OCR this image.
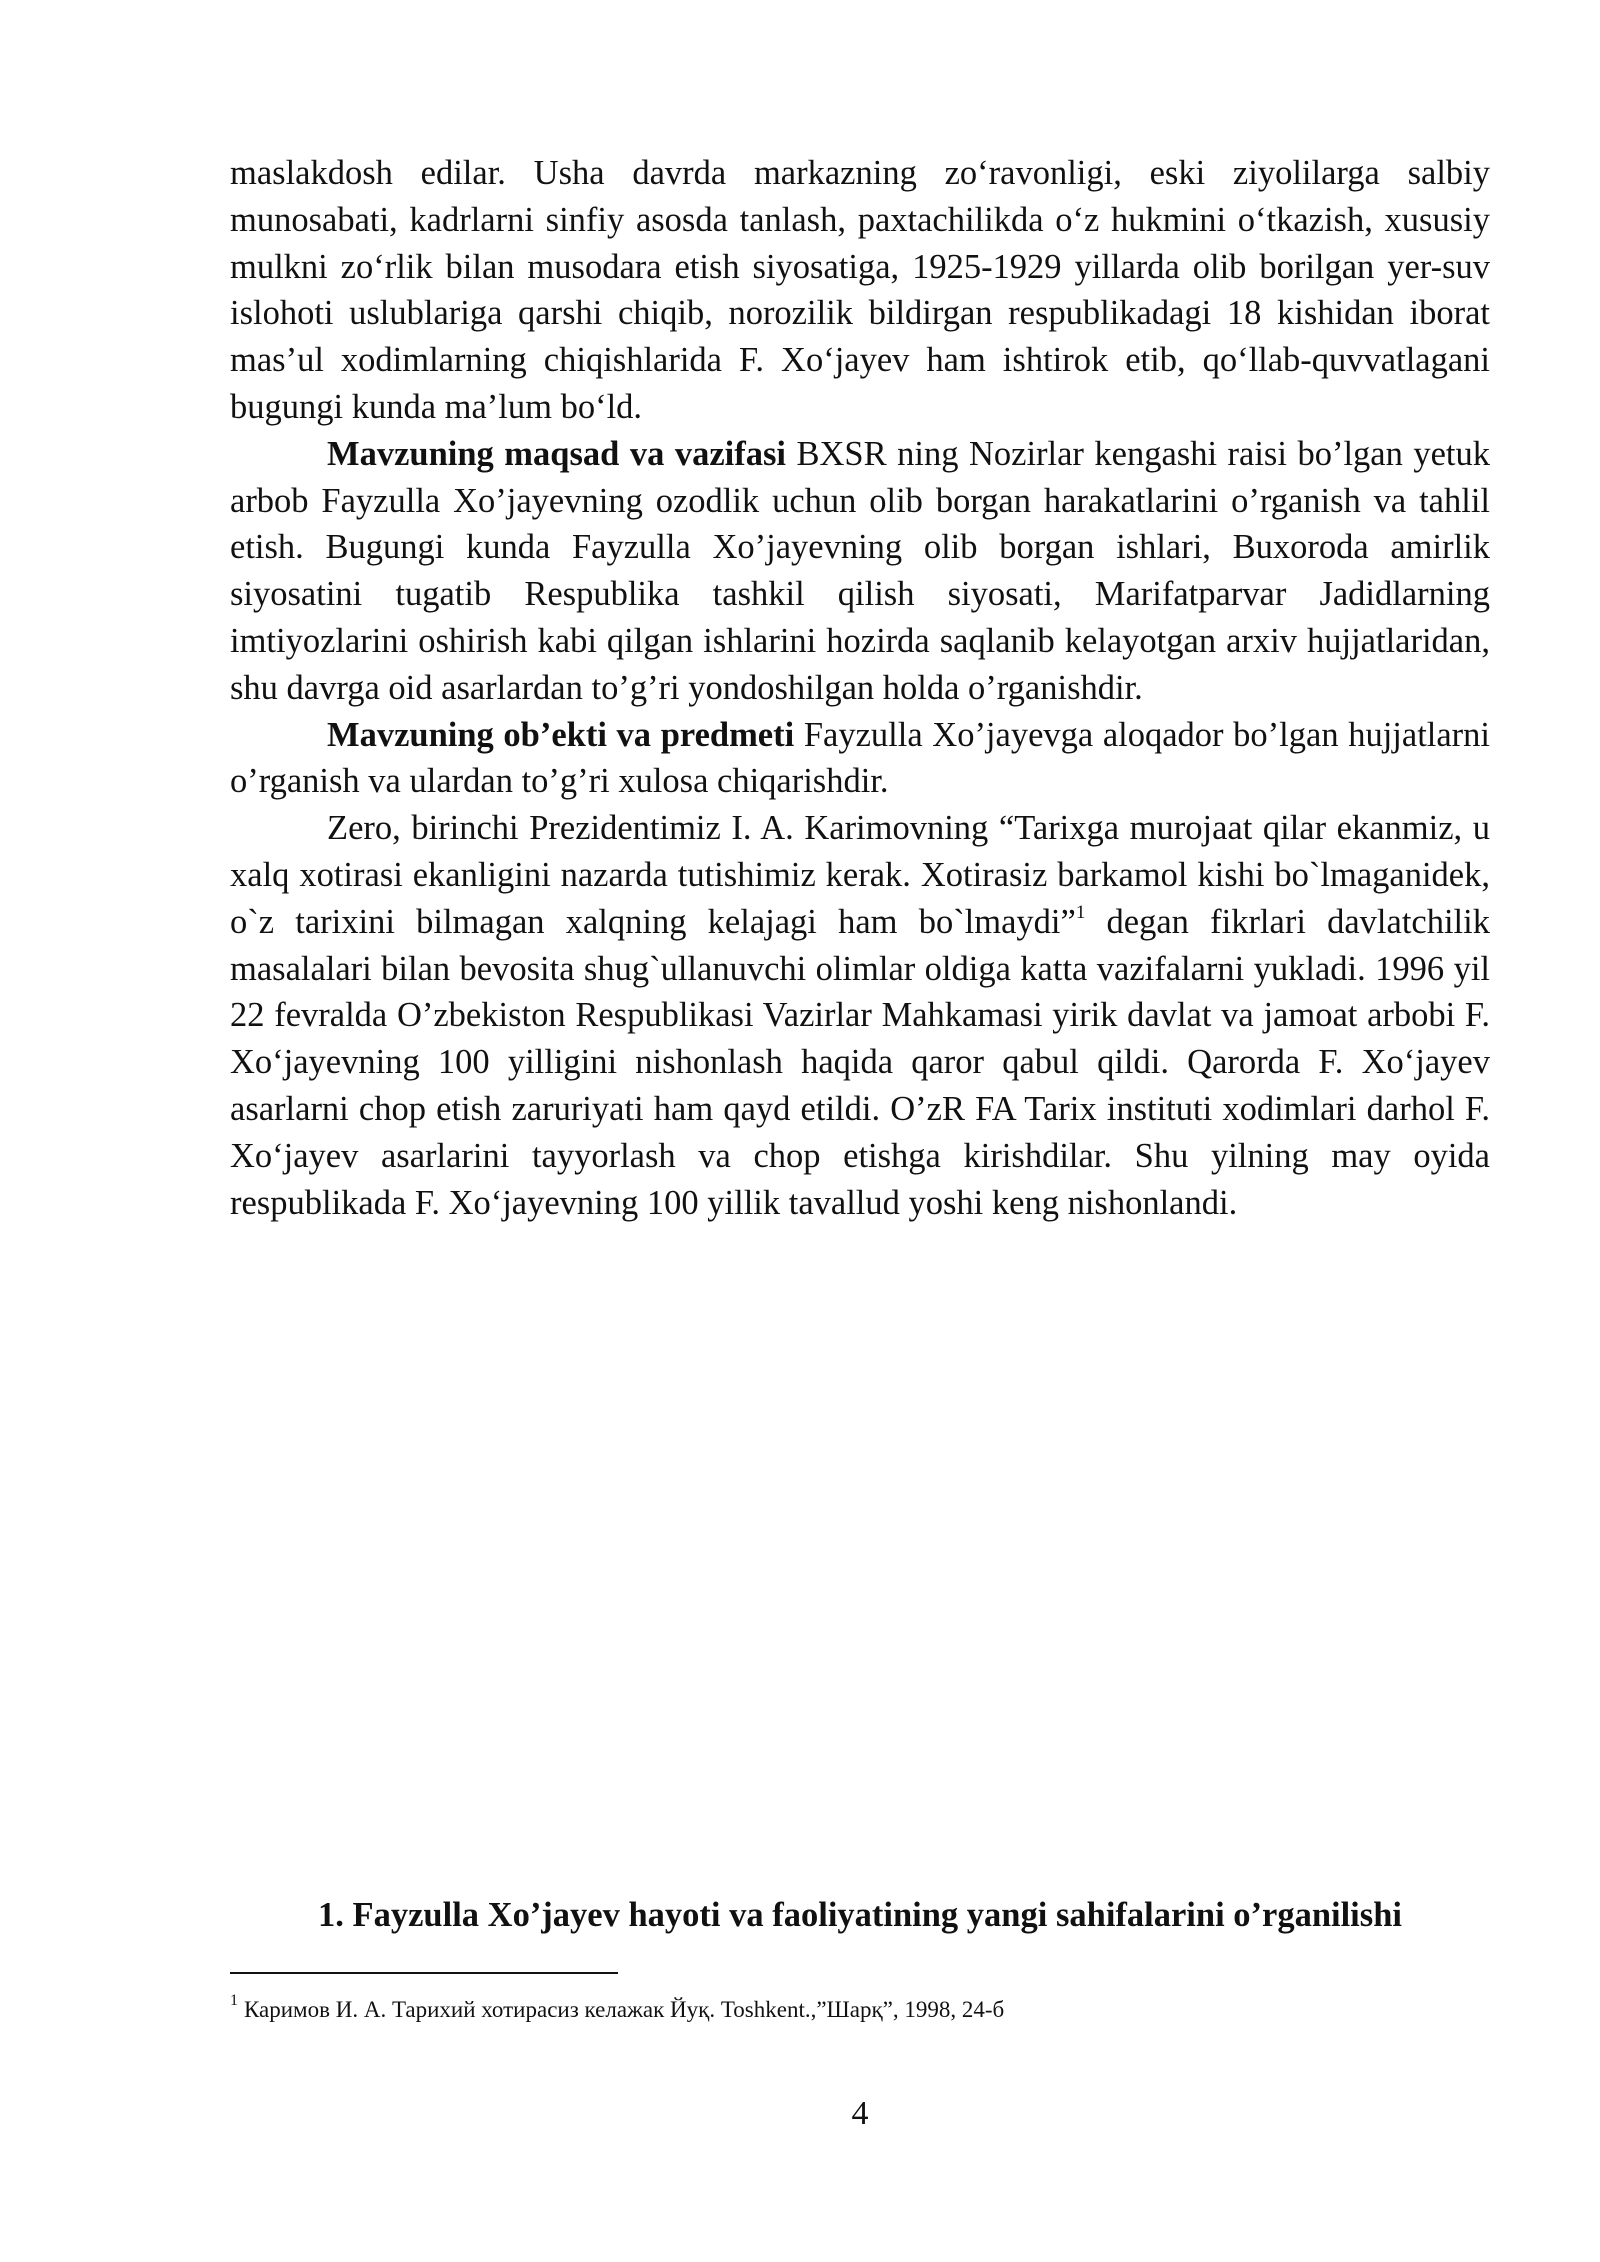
maslakdosh edilar. Usha davrda markazning zo‘ravonligi, eski ziyolilarga salbiy munosabati, kadrlarni sinfiy asosda tanlash, paxtachilikda o‘z hukmini o‘tkazish, xususiy mulkni zo‘rlik bilan musodara etish siyosatiga, 1925-1929 yillarda olib borilgan yer-suv islohoti uslublariga qarshi chiqib, norozilik bildirgan respublikadagi 18 kishidan iborat mas’ul xodimlarning chiqishlarida F. Xo‘jayev ham ishtirok etib, qo‘llab-quvvatlagani bugungi kunda ma’lum bo‘ld.

Mavzuning maqsad va vazifasi BXSR ning Nozirlar kengashi raisi bo’lgan yetuk arbob Fayzulla Xo’jayevning ozodlik uchun olib borgan harakatlarini o’rganish va tahlil etish. Bugungi kunda Fayzulla Xo’jayevning olib borgan ishlari, Buxoroda amirlik siyosatini tugatib Respublika tashkil qilish siyosati, Marifatparvar Jadidlarning imtiyozlarini oshirish kabi qilgan ishlarini hozirda saqlanib kelayotgan arxiv hujjatlaridan, shu davrga oid asarlardan to’g’ri yondoshilgan holda o’rganishdir.

Mavzuning ob’ekti va predmeti Fayzulla Xo’jayevga aloqador bo’lgan hujjatlarni o’rganish va ulardan to’g’ri xulosa chiqarishdir.

Zero, birinchi Prezidentimiz I. A. Karimovning “Tarixga murojaat qilar ekanmiz, u xalq xotirasi ekanligini nazarda tutishimiz kerak. Xotirasiz barkamol kishi bo`lmaganidek, o`z tarixini bilmagan xalqning kelajagi ham bo`lmaydi”$^1$ degan fikrlari davlatchilik masalalari bilan bevosita shug`ullanuvchi olimlar oldiga katta vazifalarni yukladi. 1996 yil 22 fevralda O’zbekiston Respublikasi Vazirlar Mahkamasi yirik davlat va jamoat arbobi F. Xo‘jayevning 100 yilligini nishonlash haqida qaror qabul qildi. Qarorda F. Xo‘jayev asarlarni chop etish zaruriyati ham qayd etildi. O’zR FA Tarix instituti xodimlari darhol F. Xo‘jayev asarlarini tayyorlash va chop etishga kirishdilar. Shu yilning may oyida respublikada F. Xo‘jayevning 100 yillik tavallud yoshi keng nishonlandi.

1. Fayzulla Xo’jayev hayoti va faoliyatining yangi sahifalarini o’rganilishi
$^1$ Каримов И. А. Тарихий хотирасиз келажак Йуқ. Toshkent.,”Шарқ”, 1998, 24-б
4
